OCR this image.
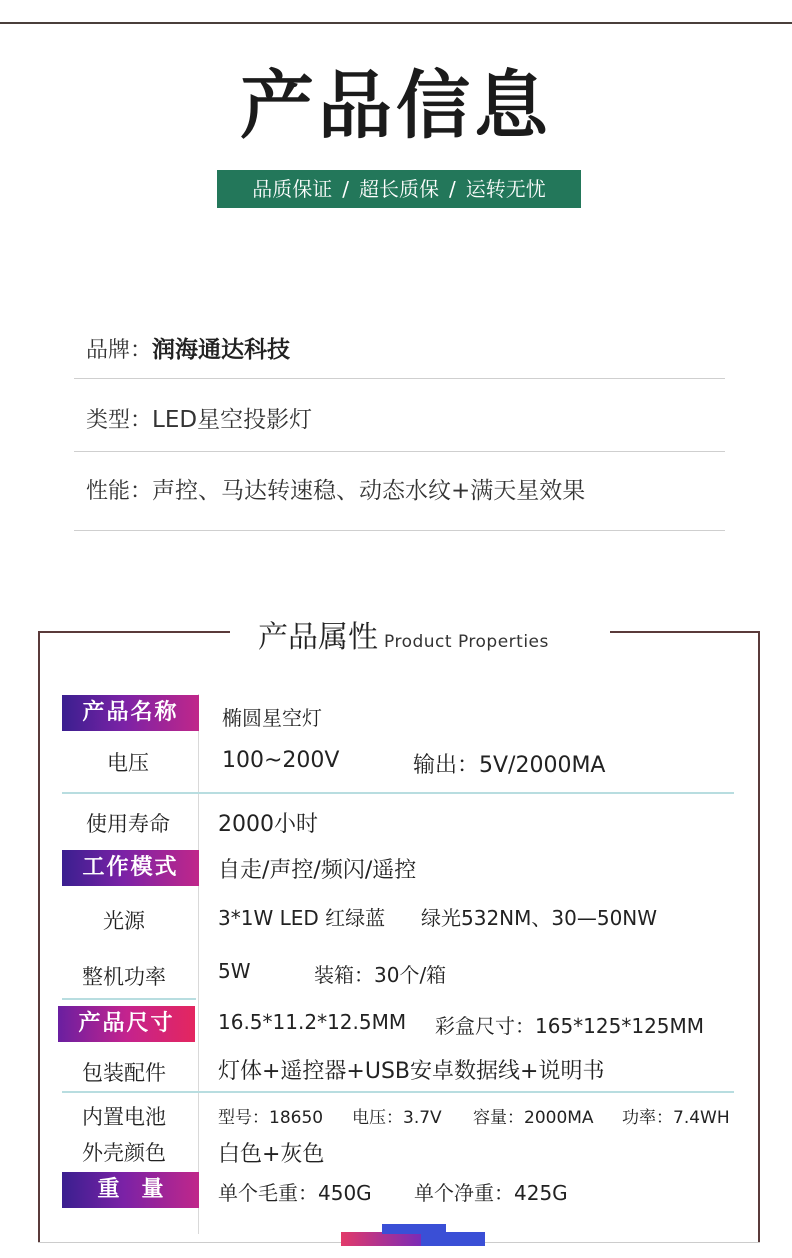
产品信息
品质保证 / 超长质保 / 运转无忧
品牌：润海通达科技
类型：LED星空投影灯
性能：声控、马达转速稳、动态水纹+满天星效果
产品属性 Product Properties
产品名称	椭圆星空灯
电压	100~200V	输出：5V/2000MA
使用寿命	2000小时
工作模式	自走/声控/频闪/遥控
光源	3*1W LED 红绿蓝 绿光532NM、30—50NW
整机功率	5W	装箱：30个/箱
产品尺寸	16.5*11.2*12.5MM 彩盒尺寸：165*125*125MM
包装配件	灯体+遥控器+USB安卓数据线+说明书
内置电池	型号：18650 电压：3.7V 容量：2000MA 功率：7.4WH
外壳颜色	白色+灰色
重　量	单个毛重：450G 单个净重：425G
